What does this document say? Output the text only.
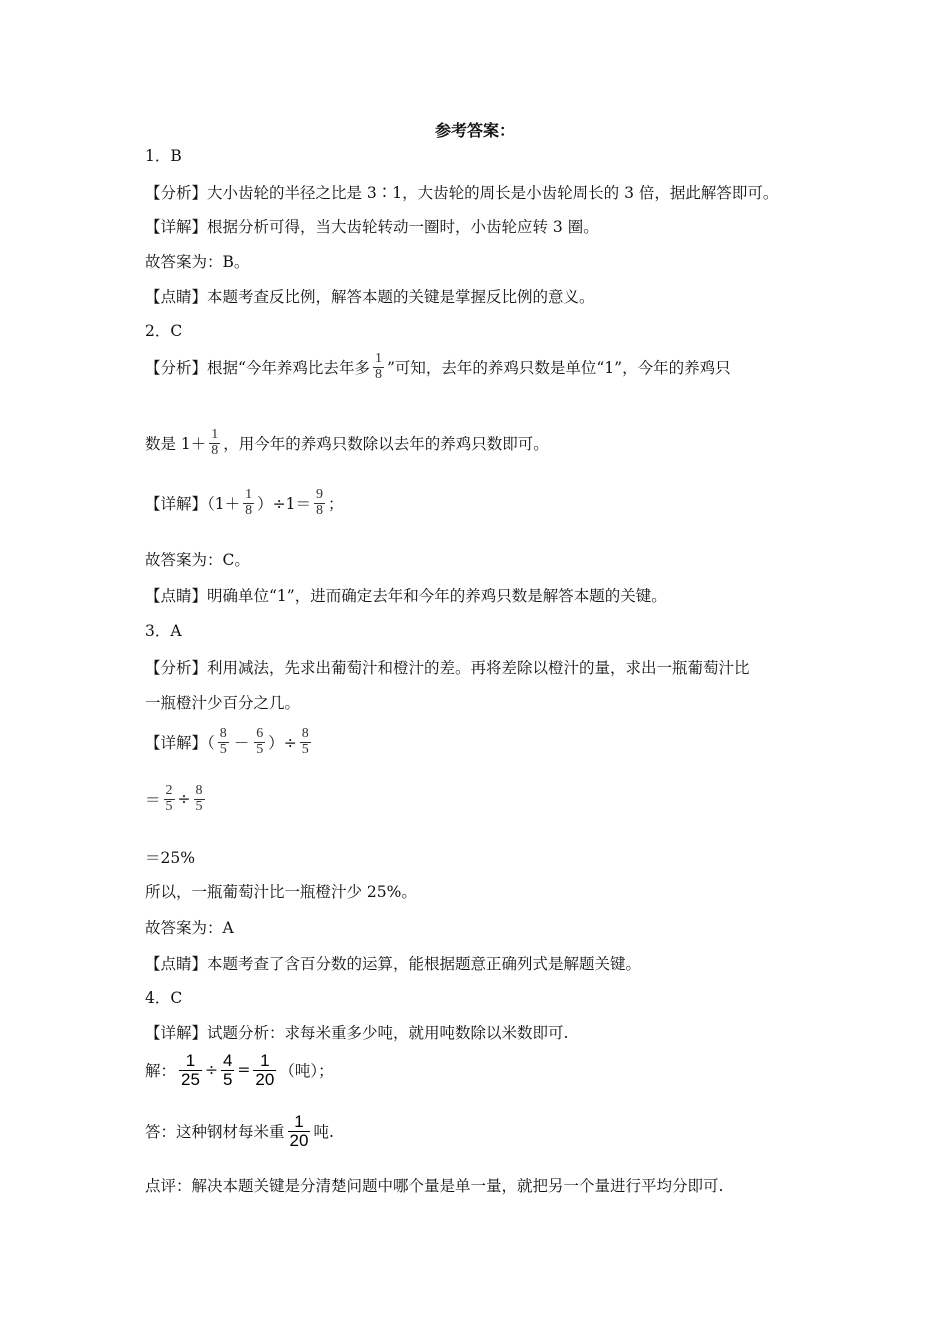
参考答案：
1．B
【分析】大小齿轮的半径之比是 3∶1，大齿轮的周长是小齿轮周长的 3 倍，据此解答即可。
【详解】根据分析可得，当大齿轮转动一圈时，小齿轮应转 3 圈。
故答案为：B。
【点睛】本题考查反比例，解答本题的关键是掌握反比例的意义。
2．C
【分析】根据“今年养鸡比去年多 $\frac{1}{8}$ ”可知，去年的养鸡只数是单位“1”，今年的养鸡只
数是 $1+ \frac{1}{8}$ ，用今年的养鸡只数除以去年的养鸡只数即可。
【详解】$(1+ \frac{1}{8} )\div 1= \frac{9}{8}$ ；
故答案为：C。
【点睛】明确单位“1”，进而确定去年和今年的养鸡只数是解答本题的关键。
3．A
【分析】利用减法，先求出葡萄汁和橙汁的差。再将差除以橙汁的量，求出一瓶葡萄汁比
一瓶橙汁少百分之几。
【详解】（ $\frac{8}{5} - \frac{6}{5}$ ）÷ $\frac{8}{5}$
＝ $\frac{2}{5} \div \frac{8}{5}$
＝25%
所以，一瓶葡萄汁比一瓶橙汁少 25%。
故答案为：A
【点睛】本题考查了含百分数的运算，能根据题意正确列式是解题关键。
4．C
【详解】试题分析：求每米重多少吨，就用吨数除以米数即可.
解： $\frac{1}{25} \div \frac{4}{5} = \frac{1}{20}$ （吨）；
答：这种钢材每米重 $\frac{1}{20}$ 吨.
点评：解决本题关键是分清楚问题中哪个量是单一量，就把另一个量进行平均分即可.
